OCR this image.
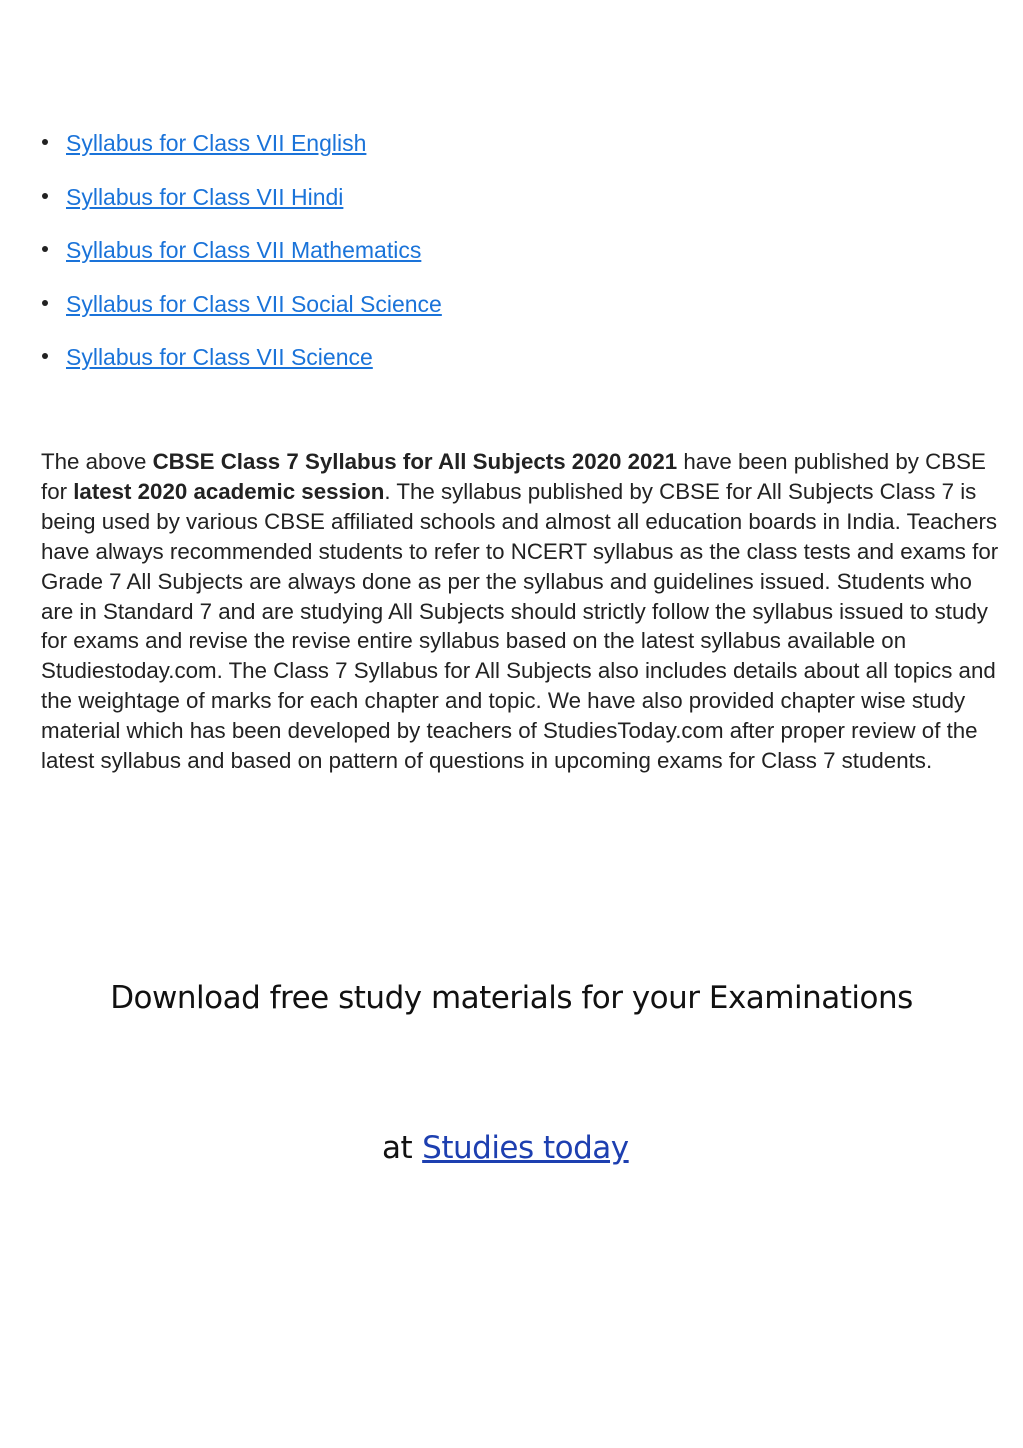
Syllabus for Class VII English
Syllabus for Class VII Hindi
Syllabus for Class VII Mathematics
Syllabus for Class VII Social Science
Syllabus for Class VII Science

The above CBSE Class 7 Syllabus for All Subjects 2020 2021 have been published by CBSE for latest 2020 academic session. The syllabus published by CBSE for All Subjects Class 7 is being used by various CBSE affiliated schools and almost all education boards in India. Teachers have always recommended students to refer to NCERT syllabus as the class tests and exams for Grade 7 All Subjects are always done as per the syllabus and guidelines issued. Students who are in Standard 7 and are studying All Subjects should strictly follow the syllabus issued to study for exams and revise the revise entire syllabus based on the latest syllabus available on Studiestoday.com. The Class 7 Syllabus for All Subjects also includes details about all topics and the weightage of marks for each chapter and topic. We have also provided chapter wise study material which has been developed by teachers of StudiesToday.com after proper review of the latest syllabus and based on pattern of questions in upcoming exams for Class 7 students.

Download free study materials for your Examinations
at Studies today
